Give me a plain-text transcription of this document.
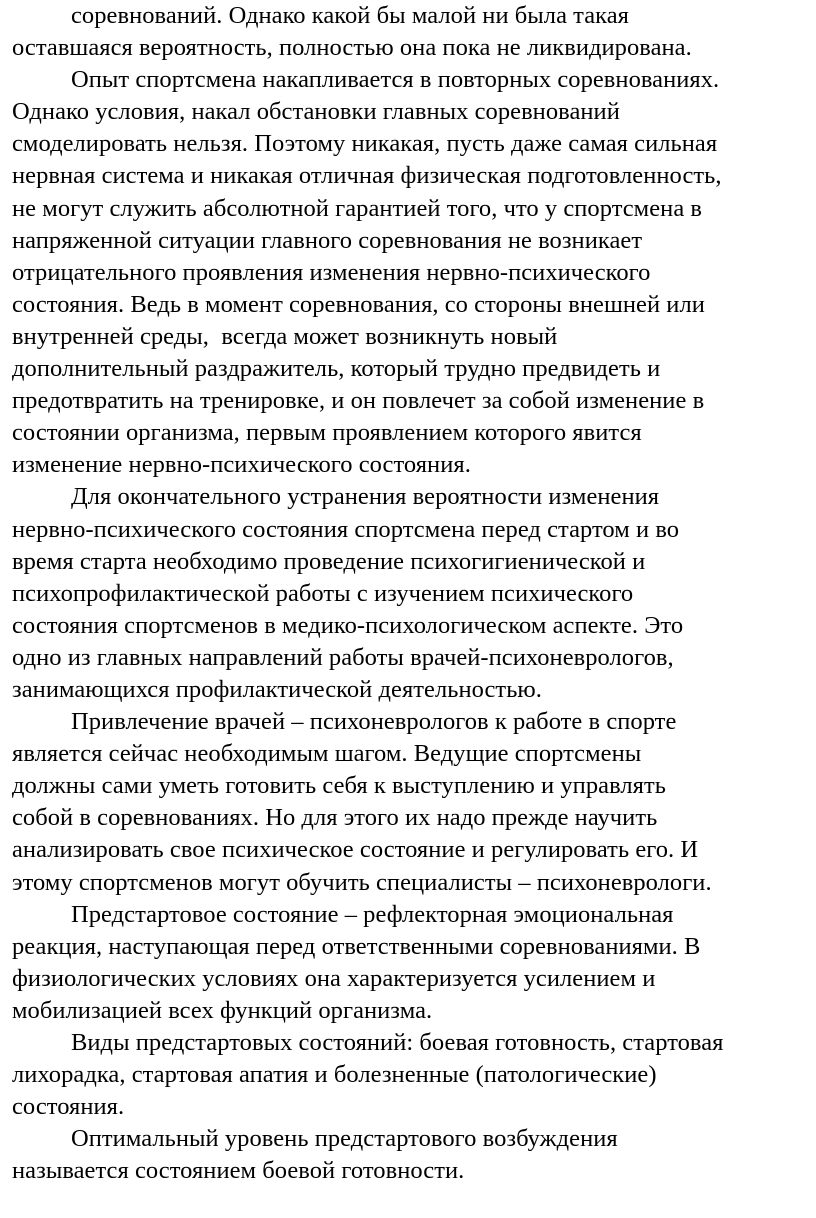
соревнований. Однако какой бы малой ни была такая
оставшаяся вероятность, полностью она пока не ликвидирована.
Опыт спортсмена накапливается в повторных соревнованиях.
Однако условия, накал обстановки главных соревнований
смоделировать нельзя. Поэтому никакая, пусть даже самая сильная
нервная система и никакая отличная физическая подготовленность,
не могут служить абсолютной гарантией того, что у спортсмена в
напряженной ситуации главного соревнования не возникает
отрицательного проявления изменения нервно-психического
состояния. Ведь в момент соревнования, со стороны внешней или
внутренней среды,  всегда может возникнуть новый
дополнительный раздражитель, который трудно предвидеть и
предотвратить на тренировке, и он повлечет за собой изменение в
состоянии организма, первым проявлением которого явится
изменение нервно-психического состояния.
Для окончательного устранения вероятности изменения
нервно-психического состояния спортсмена перед стартом и во
время старта необходимо проведение психогигиенической и
психопрофилактической работы с изучением психического
состояния спортсменов в медико-психологическом аспекте. Это
одно из главных направлений работы врачей-психоневрологов,
занимающихся профилактической деятельностью.
Привлечение врачей – психоневрологов к работе в спорте
является сейчас необходимым шагом. Ведущие спортсмены
должны сами уметь готовить себя к выступлению и управлять
собой в соревнованиях. Но для этого их надо прежде научить
анализировать свое психическое состояние и регулировать его. И
этому спортсменов могут обучить специалисты – психоневрологи.
Предстартовое состояние – рефлекторная эмоциональная
реакция, наступающая перед ответственными соревнованиями. В
физиологических условиях она характеризуется усилением и
мобилизацией всех функций организма.
Виды предстартовых состояний: боевая готовность, стартовая
лихорадка, стартовая апатия и болезненные (патологические)
состояния.
Оптимальный уровень предстартового возбуждения
называется состоянием боевой готовности.
